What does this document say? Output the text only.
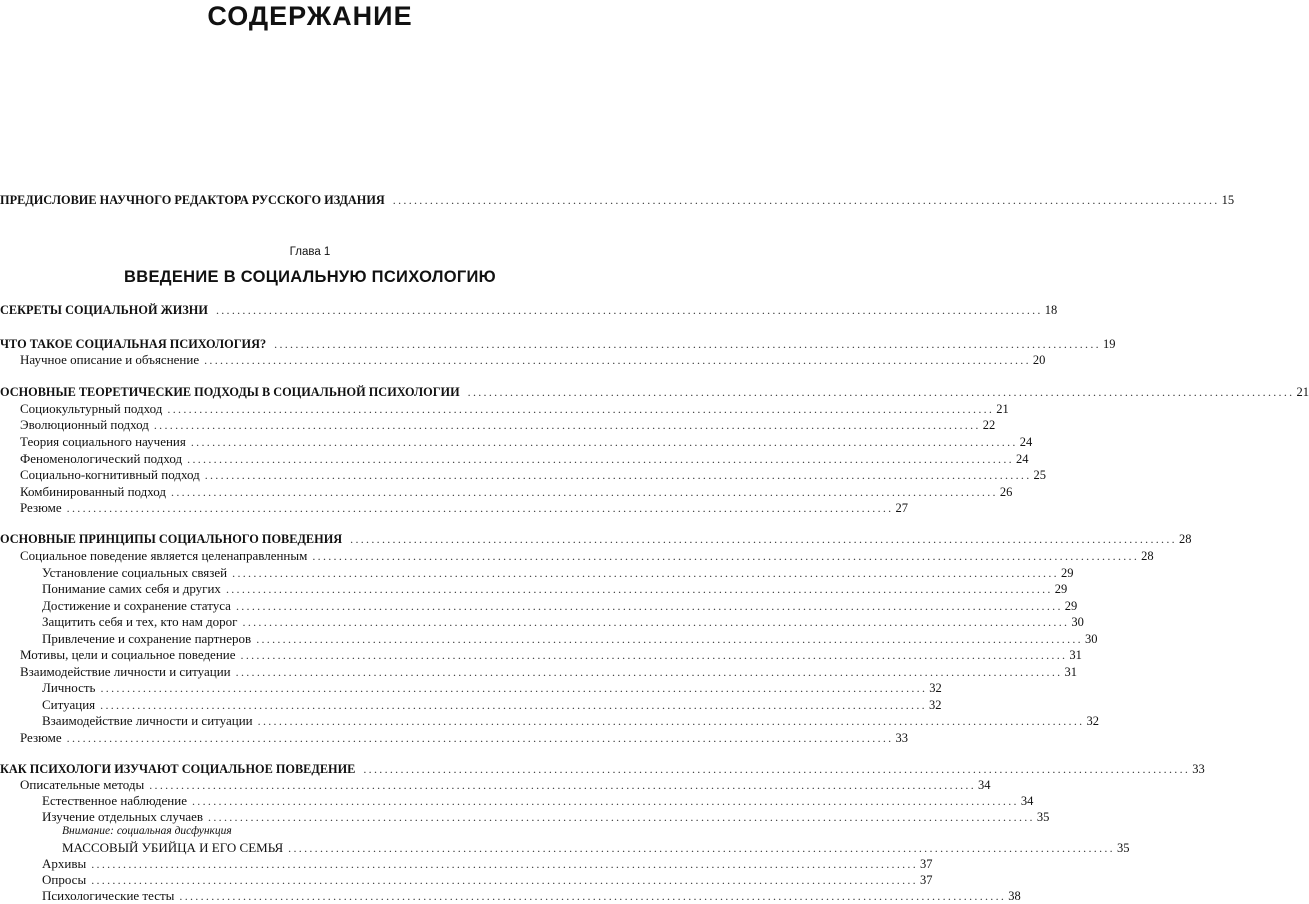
СОДЕРЖАНИЕ
Глава 1
ВВЕДЕНИЕ В СОЦИАЛЬНУЮ ПСИХОЛОГИЮ
Внимание: социальная дисфункция
ПРЕДИСЛОВИЕ НАУЧНОГО РЕДАКТОРА РУССКОГО ИЗДАНИЯ ............................................................................................................................................................ 15
СЕКРЕТЫ СОЦИАЛЬНОЙ ЖИЗНИ ............................................................................................................................................................ 18
ЧТО ТАКОЕ СОЦИАЛЬНАЯ ПСИХОЛОГИЯ? ............................................................................................................................................................ 19
Научное описание и объяснение ............................................................................................................................................................ 20
ОСНОВНЫЕ ТЕОРЕТИЧЕСКИЕ ПОДХОДЫ В СОЦИАЛЬНОЙ ПСИХОЛОГИИ ............................................................................................................................................................ 21
Социокультурный подход ............................................................................................................................................................ 21
Эволюционный подход ............................................................................................................................................................ 22
Теория социального научения ............................................................................................................................................................ 24
Феноменологический подход ............................................................................................................................................................ 24
Социально-когнитивный подход ............................................................................................................................................................ 25
Комбинированный подход ............................................................................................................................................................ 26
Резюме ............................................................................................................................................................ 27
ОСНОВНЫЕ ПРИНЦИПЫ СОЦИАЛЬНОГО ПОВЕДЕНИЯ ............................................................................................................................................................ 28
Социальное поведение является целенаправленным ............................................................................................................................................................ 28
Установление социальных связей ............................................................................................................................................................ 29
Понимание самих себя и других ............................................................................................................................................................ 29
Достижение и сохранение статуса ............................................................................................................................................................ 29
Защитить себя и тех, кто нам дорог ............................................................................................................................................................ 30
Привлечение и сохранение партнеров ............................................................................................................................................................ 30
Мотивы, цели и социальное поведение ............................................................................................................................................................ 31
Взаимодействие личности и ситуации ............................................................................................................................................................ 31
Личность ............................................................................................................................................................ 32
Ситуация ............................................................................................................................................................ 32
Взаимодействие личности и ситуации ............................................................................................................................................................ 32
Резюме ............................................................................................................................................................ 33
КАК ПСИХОЛОГИ ИЗУЧАЮТ СОЦИАЛЬНОЕ ПОВЕДЕНИЕ ............................................................................................................................................................ 33
Описательные методы ............................................................................................................................................................ 34
Естественное наблюдение ............................................................................................................................................................ 34
Изучение отдельных случаев ............................................................................................................................................................ 35
МАССОВЫЙ УБИЙЦА И ЕГО СЕМЬЯ ............................................................................................................................................................ 35
Архивы ............................................................................................................................................................ 37
Опросы ............................................................................................................................................................ 37
Психологические тесты ............................................................................................................................................................ 38
